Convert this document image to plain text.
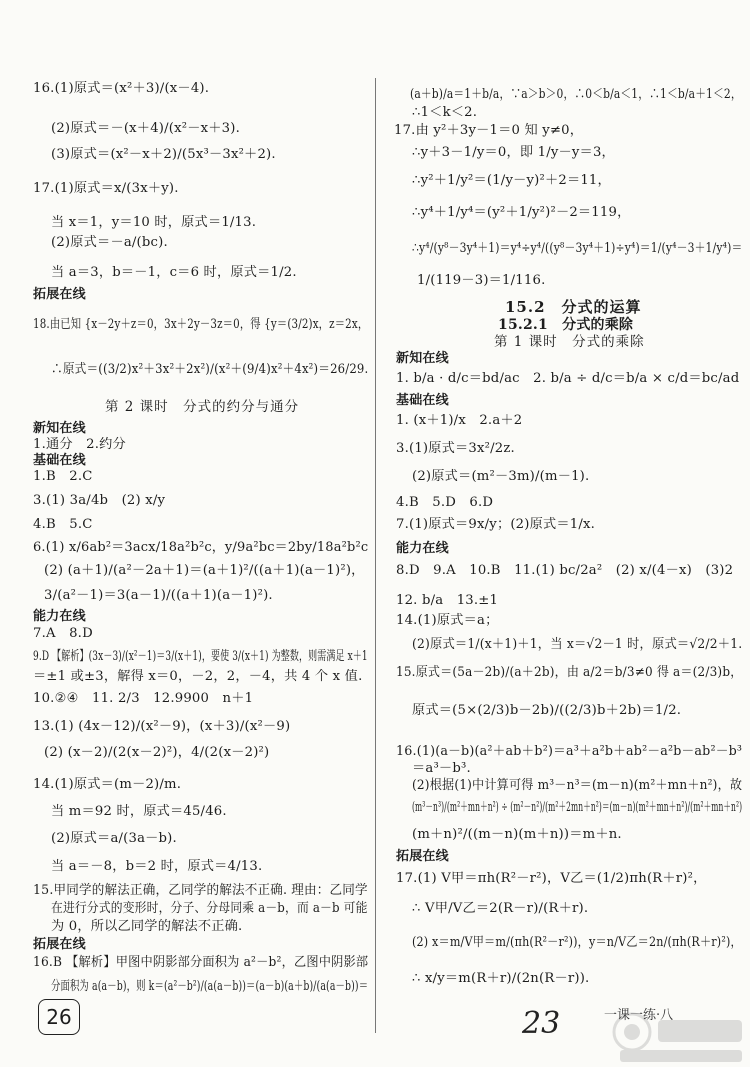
16.(1)原式＝(x²＋3)/(x－4).
(2)原式＝－(x＋4)/(x²－x＋3).
(3)原式＝(x²－x＋2)/(5x³－3x²＋2).
17.(1)原式＝x/(3x＋y).
当 x＝1，y＝10 时，原式＝1/13.
(2)原式＝－a/(bc).
当 a＝3，b＝－1，c＝6 时，原式＝1/2.
拓展在线
18.由已知 {x－2y＋z＝0，3x＋2y－3z＝0，得 {y＝(3/2)x，z＝2x，
∴原式＝((3/2)x²＋3x²＋2x²)/(x²＋(9/4)x²＋4x²)＝26/29.
第 2 课时　分式的约分与通分
新知在线
1.通分　2.约分
基础在线
1.B　2.C
3.(1) 3a/4b　(2) x/y
4.B　5.C
6.(1) x/6ab²＝3acx/18a²b²c，y/9a²bc＝2by/18a²b²c
(2) (a＋1)/(a²－2a＋1)＝(a＋1)²/((a＋1)(a－1)²)，
3/(a²－1)＝3(a－1)/((a＋1)(a－1)²).
能力在线
7.A　8.D
9.D 【解析】(3x－3)/(x²－1)＝3/(x＋1)，要使 3/(x＋1) 为整数，则需满足 x＋1
＝±1 或±3，解得 x＝0，－2，2，－4，共 4 个 x 值.
10.②④　11. 2/3　12.9900　n＋1
13.(1) (4x－12)/(x²－9)，(x＋3)/(x²－9)
(2) (x－2)/(2(x－2)²)，4/(2(x－2)²)
14.(1)原式＝(m－2)/m.
当 m＝92 时，原式＝45/46.
(2)原式＝a/(3a－b).
当 a＝－8，b＝2 时，原式＝4/13.
15.甲同学的解法正确，乙同学的解法不正确. 理由：乙同学
在进行分式的变形时，分子、分母同乘 a－b，而 a－b 可能
为 0，所以乙同学的解法不正确.
拓展在线
16.B 【解析】甲图中阴影部分面积为 a²－b²，乙图中阴影部
分面积为 a(a－b)，则 k＝(a²－b²)/(a(a－b))＝(a－b)(a＋b)/(a(a－b))＝
(a＋b)/a＝1＋b/a，∵a＞b＞0，∴0＜b/a＜1，∴1＜b/a＋1＜2，
∴1＜k＜2.
17.由 y²＋3y－1＝0 知 y≠0，
∴y＋3－1/y＝0，即 1/y－y＝3，
∴y²＋1/y²＝(1/y－y)²＋2＝11，
∴y⁴＋1/y⁴＝(y²＋1/y²)²－2＝119，
∴y⁴/(y⁸－3y⁴＋1)＝y⁴÷y⁴/((y⁸－3y⁴＋1)÷y⁴)＝1/(y⁴－3＋1/y⁴)＝
1/(119－3)＝1/116.
15.2　分式的运算
15.2.1　分式的乘除
第 1 课时　分式的乘除
新知在线
1. b/a · d/c＝bd/ac　2. b/a ÷ d/c＝b/a × c/d＝bc/ad
基础在线
1. (x＋1)/x　2.a＋2
3.(1)原式＝3x²/2z.
(2)原式＝(m²－3m)/(m－1).
4.B　5.D　6.D
7.(1)原式＝9x/y；(2)原式＝1/x.
能力在线
8.D　9.A　10.B　11.(1) bc/2a²　(2) x/(4－x)　(3)2
12. b/a　13.±1
14.(1)原式＝a；
(2)原式＝1/(x＋1)＋1，当 x＝√2－1 时，原式＝√2/2＋1.
15.原式＝(5a－2b)/(a＋2b)，由 a/2＝b/3≠0 得 a＝(2/3)b，
原式＝(5×(2/3)b－2b)/((2/3)b＋2b)＝1/2.
16.(1)(a－b)(a²＋ab＋b²)＝a³＋a²b＋ab²－a²b－ab²－b³
＝a³－b³.
(2)根据(1)中计算可得 m³－n³＝(m－n)(m²＋mn＋n²)，故
(m³－n³)/(m²＋mn＋n²) ÷ (m²－n²)/(m²＋2mn＋n²)＝(m－n)(m²＋mn＋n²)/(m²＋mn＋n²)
(m＋n)²/((m－n)(m＋n))＝m＋n.
拓展在线
17.(1) V甲＝πh(R²－r²)，V乙＝(1/2)πh(R＋r)²，
∴ V甲/V乙＝2(R－r)/(R＋r).
(2) x＝m/V甲＝m/(πh(R²－r²))，y＝n/V乙＝2n/(πh(R＋r)²)，
∴ x/y＝m(R＋r)/(2n(R－r)).
26	23	一课一练·八
